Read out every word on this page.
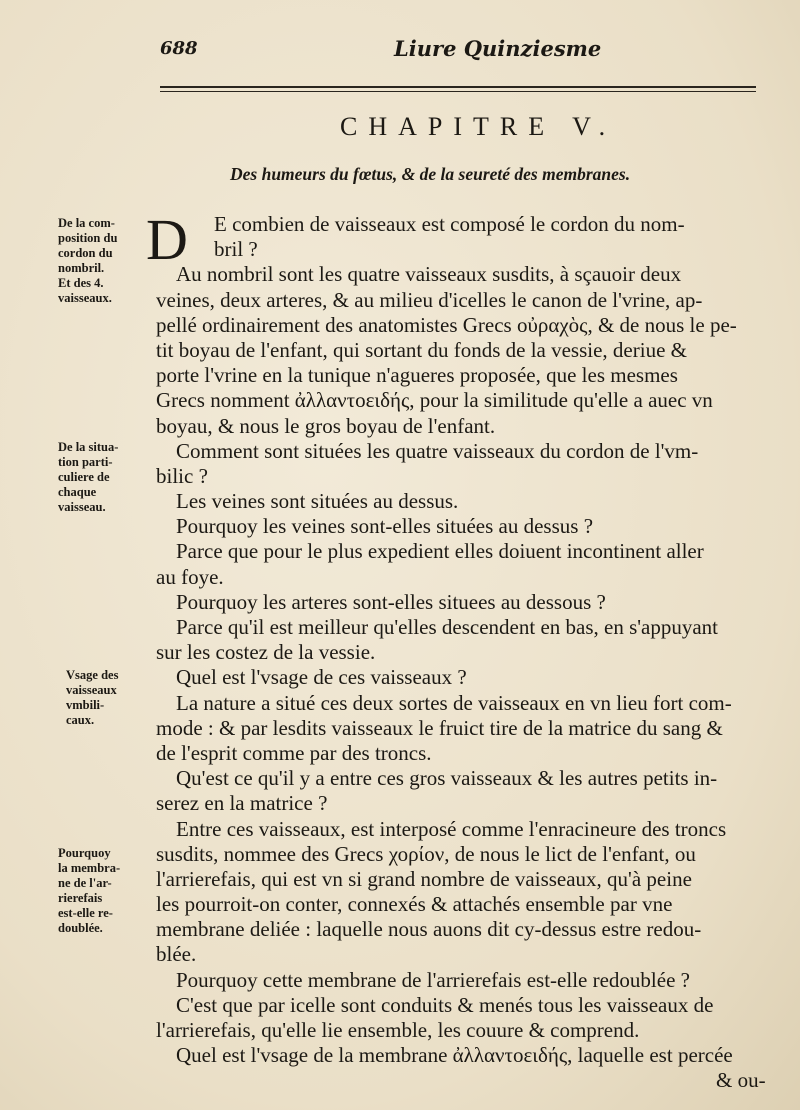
688	Liure Quinziesme
CHAPITRE V.
Des humeurs du fœtus, & de la seureté des membranes.
De la com-
position du
cordon du
nombril.
Et des 4.
vaisseaux.
De la situa-
tion parti-
culiere de
chaque
vaisseau.
Vsage des
vaisseaux
vmbili-
caux.
Pourquoy
la membra-
ne de l'ar-
rierefais
est-elle re-
doublée.
D	E combien de vaisseaux est composé le cordon du nom-
bril ?
Au nombril sont les quatre vaisseaux susdits, à sçauoir deux
veines, deux arteres, & au milieu d'icelles le canon de l'vrine, ap-
pellé ordinairement des anatomistes Grecs οὐραχὸς, & de nous le pe-
tit boyau de l'enfant, qui sortant du fonds de la vessie, deriue &
porte l'vrine en la tunique n'agueres proposée, que les mesmes
Grecs nomment ἀλλαντοειδής, pour la similitude qu'elle a auec vn
boyau, & nous le gros boyau de l'enfant.
Comment sont situées les quatre vaisseaux du cordon de l'vm-
bilic ?
Les veines sont situées au dessus.
Pourquoy les veines sont-elles situées au dessus ?
Parce que pour le plus expedient elles doiuent incontinent aller
au foye.
Pourquoy les arteres sont-elles situees au dessous ?
Parce qu'il est meilleur qu'elles descendent en bas, en s'appuyant
sur les costez de la vessie.
Quel est l'vsage de ces vaisseaux ?
La nature a situé ces deux sortes de vaisseaux en vn lieu fort com-
mode : & par lesdits vaisseaux le fruict tire de la matrice du sang &
de l'esprit comme par des troncs.
Qu'est ce qu'il y a entre ces gros vaisseaux & les autres petits in-
serez en la matrice ?
Entre ces vaisseaux, est interposé comme l'enracineure des troncs
susdits, nommee des Grecs χορίον, de nous le lict de l'enfant, ou
l'arrierefais, qui est vn si grand nombre de vaisseaux, qu'à peine
les pourroit-on conter, connexés & attachés ensemble par vne
membrane deliée : laquelle nous auons dit cy-dessus estre redou-
blée.
Pourquoy cette membrane de l'arrierefais est-elle redoublée ?
C'est que par icelle sont conduits & menés tous les vaisseaux de
l'arrierefais, qu'elle lie ensemble, les couure & comprend.
Quel est l'vsage de la membrane ἀλλαντοειδής, laquelle est percée
& ou-
